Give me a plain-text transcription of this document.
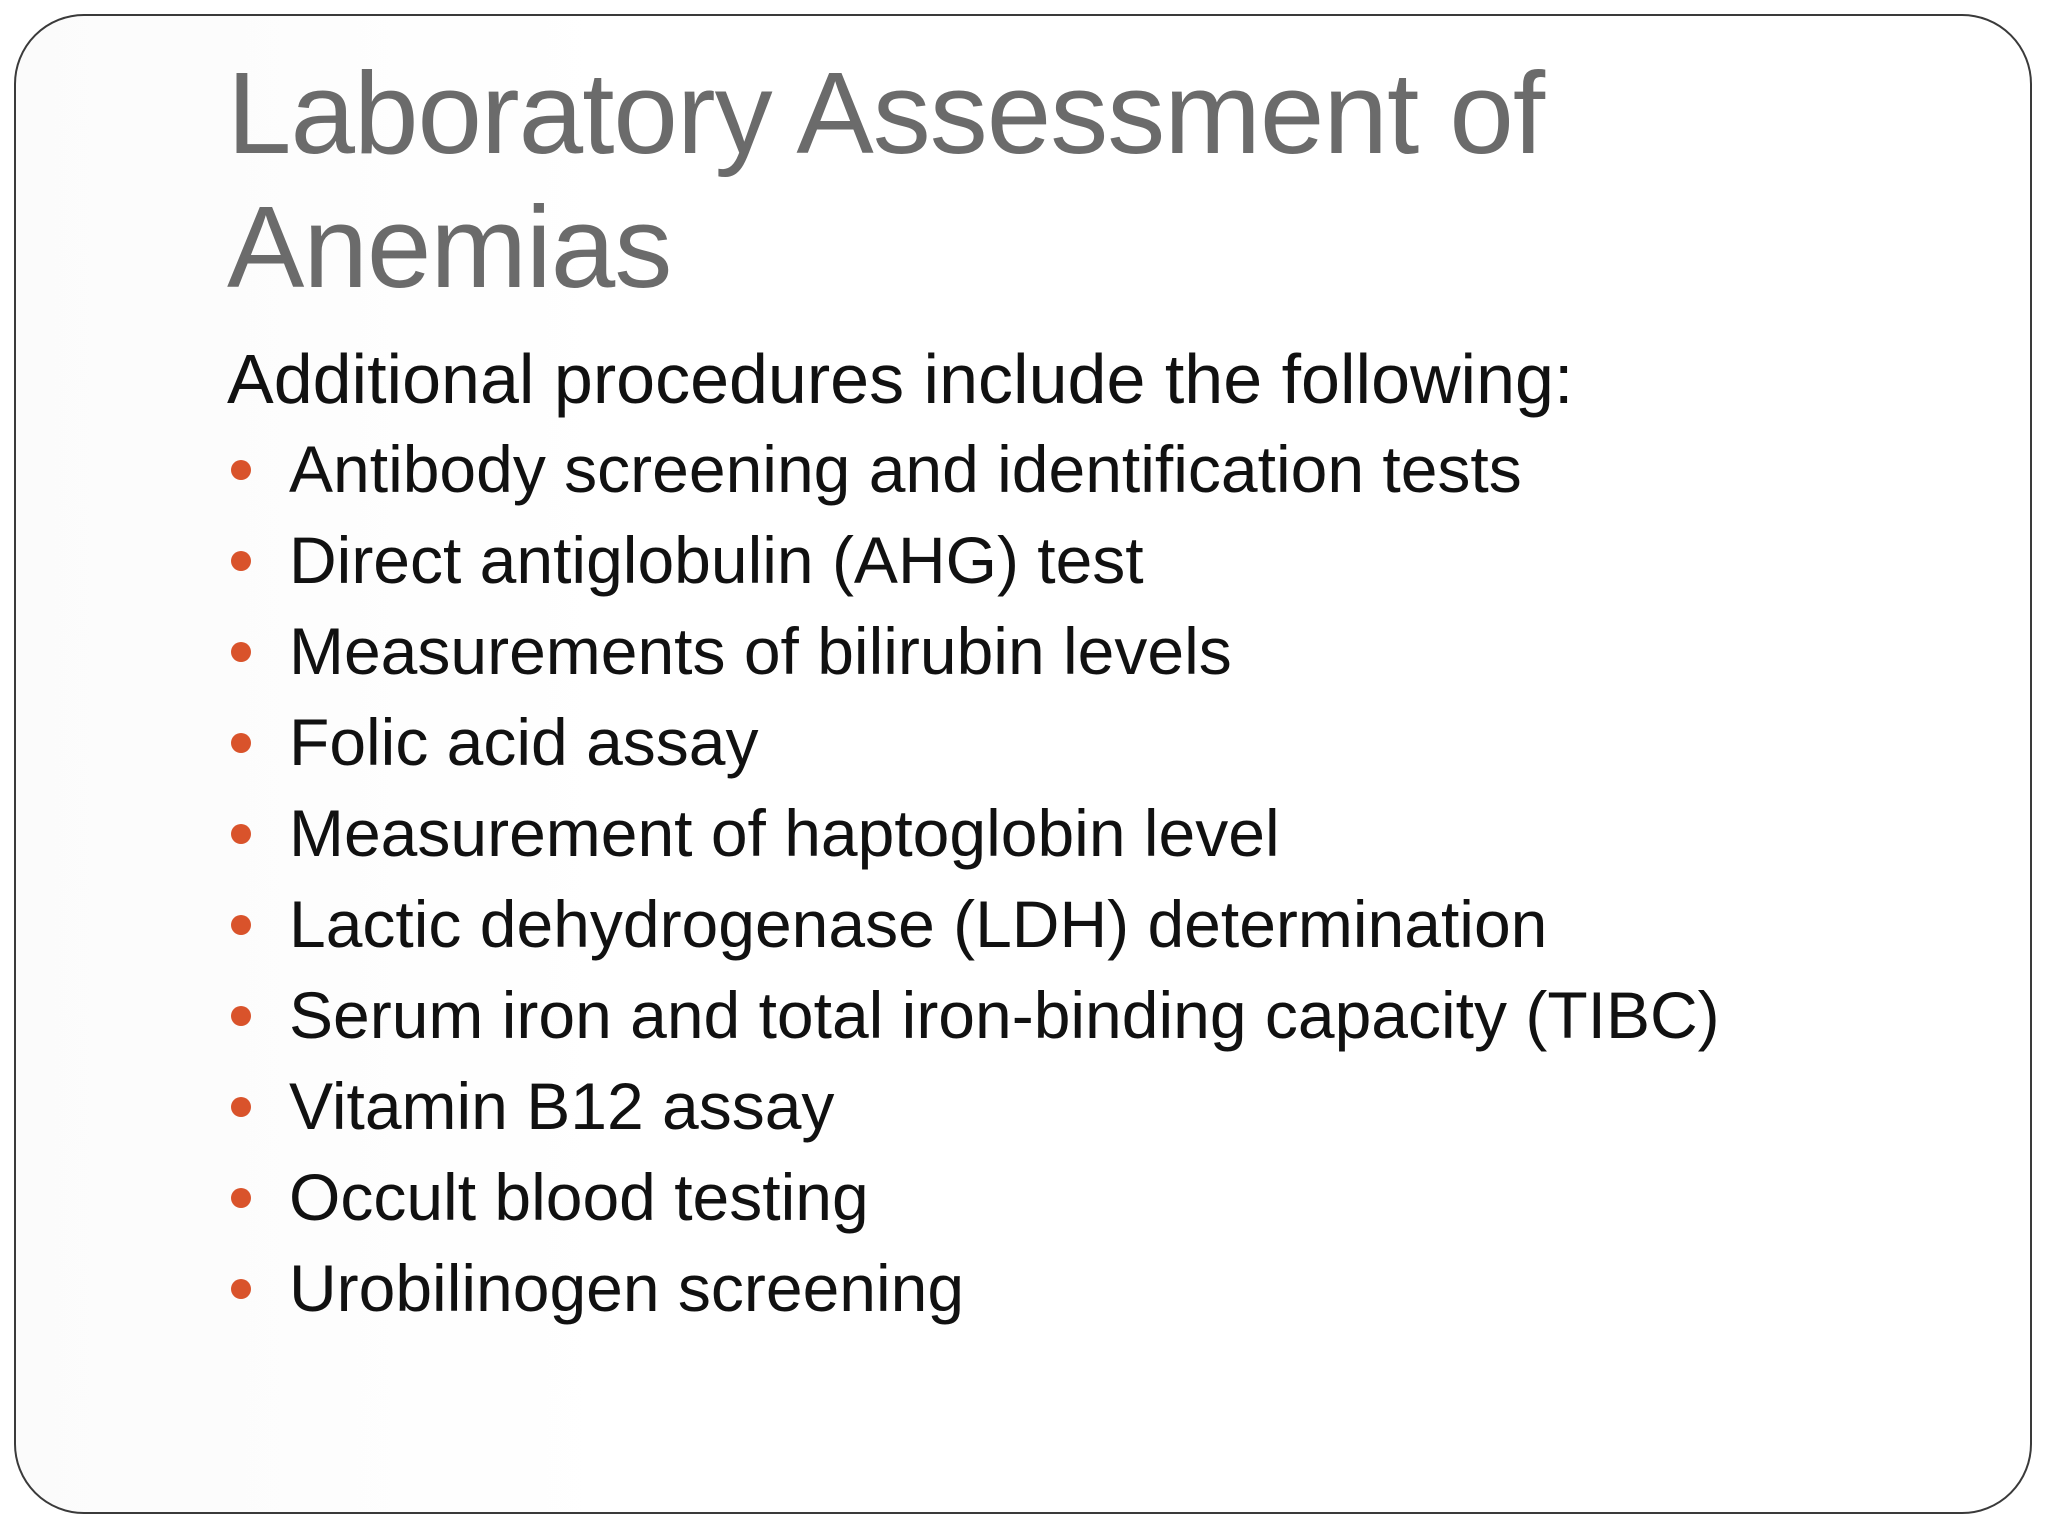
Laboratory Assessment of Anemias

Additional procedures include the following:

Antibody screening and identification tests
Direct antiglobulin (AHG) test
Measurements of bilirubin levels
Folic acid assay
Measurement of haptoglobin level
Lactic dehydrogenase (LDH) determination
Serum iron and total iron-binding capacity (TIBC)
Vitamin B12 assay
Occult blood testing
Urobilinogen screening
